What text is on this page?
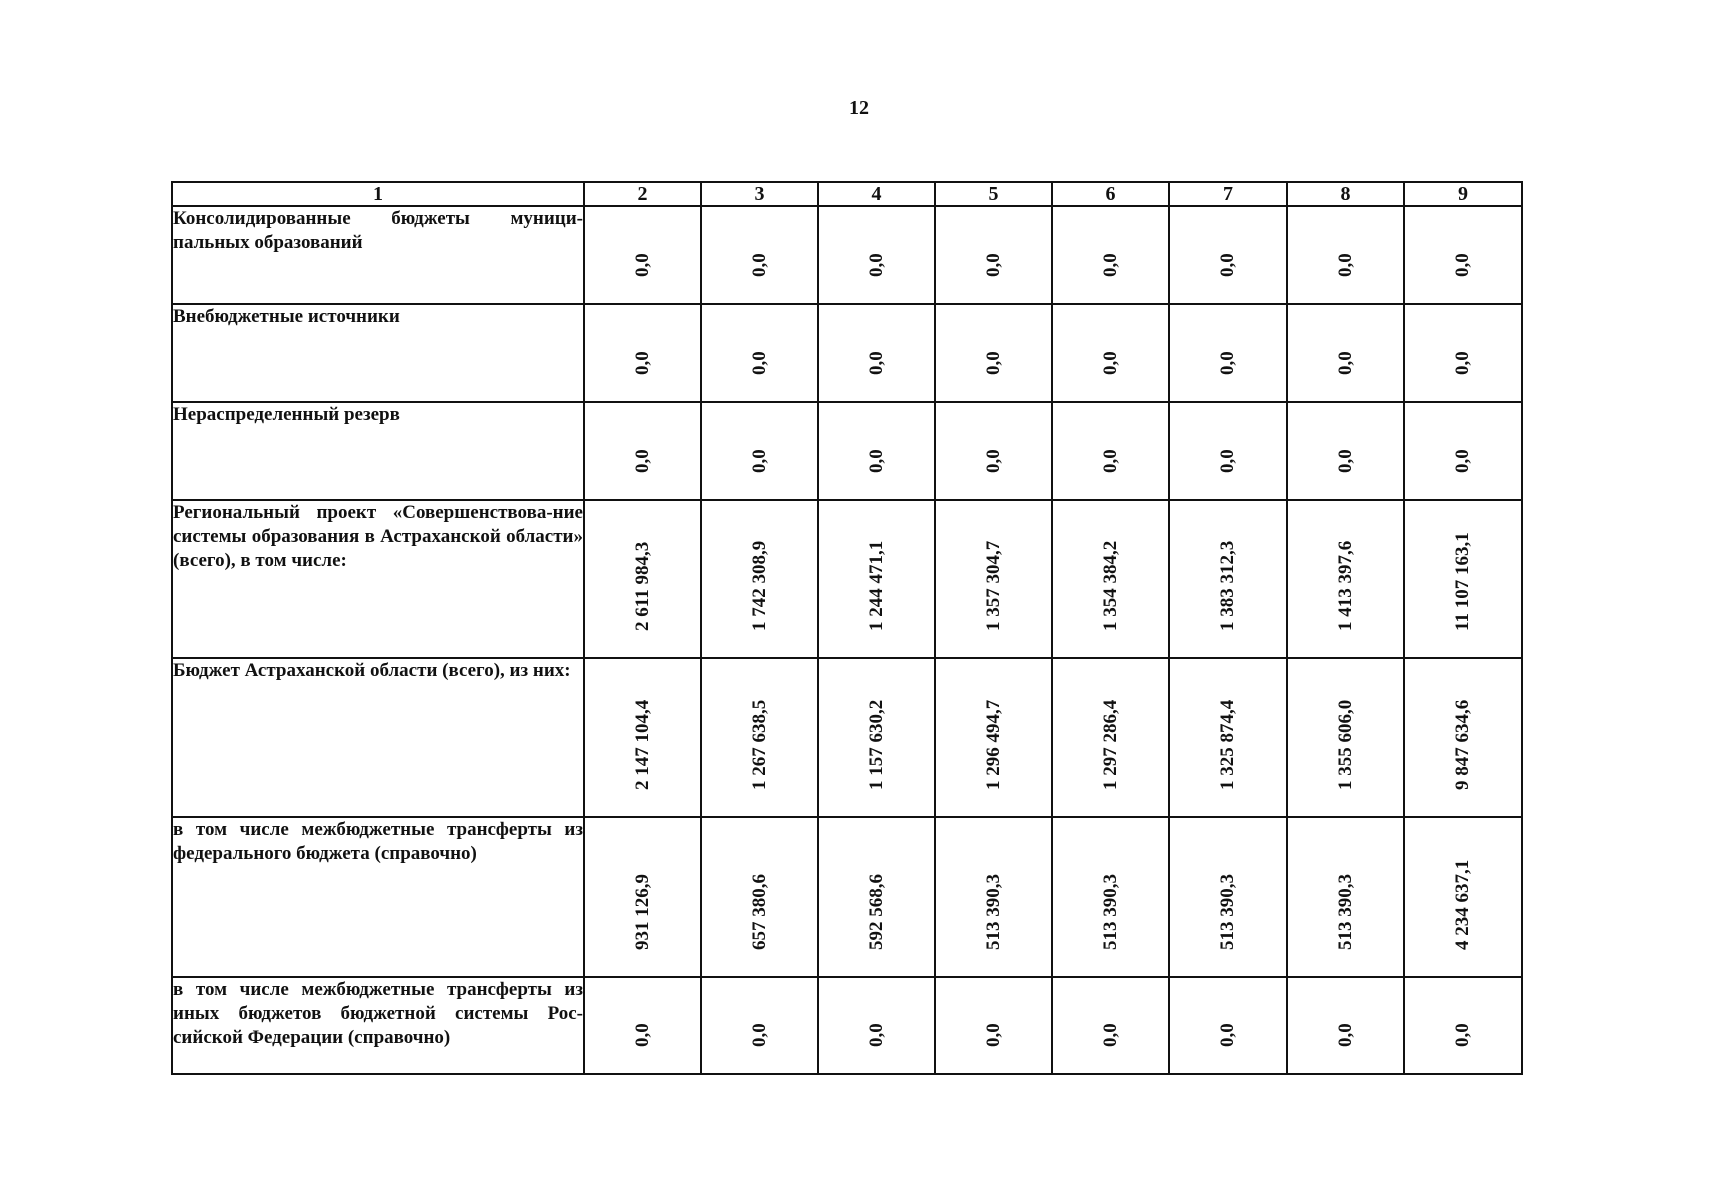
12
1	2	3	4	5	6	7	8	9
Консолидированные бюджеты муници-пальных образований	0,0	0,0	0,0	0,0	0,0	0,0	0,0	0,0

Внебюджетные источники	0,0	0,0	0,0	0,0	0,0	0,0	0,0	0,0

Нераспределенный резерв	0,0	0,0	0,0	0,0	0,0	0,0	0,0	0,0

Региональный проект «Совершенствова-ние системы образования в Астраханской области» (всего), в том числе:	2 611 984,3	1 742 308,9	1 244 471,1	1 357 304,7	1 354 384,2	1 383 312,3	1 413 397,6	11 107 163,1

Бюджет Астраханской области (всего), из них:	2 147 104,4	1 267 638,5	1 157 630,2	1 296 494,7	1 297 286,4	1 325 874,4	1 355 606,0	9 847 634,6

в том числе межбюджетные трансферты из федерального бюджета (справочно)	931 126,9	657 380,6	592 568,6	513 390,3	513 390,3	513 390,3	513 390,3	4 234 637,1

в том числе межбюджетные трансферты из иных бюджетов бюджетной системы Рос-сийской Федерации (справочно)	0,0	0,0	0,0	0,0	0,0	0,0	0,0	0,0
